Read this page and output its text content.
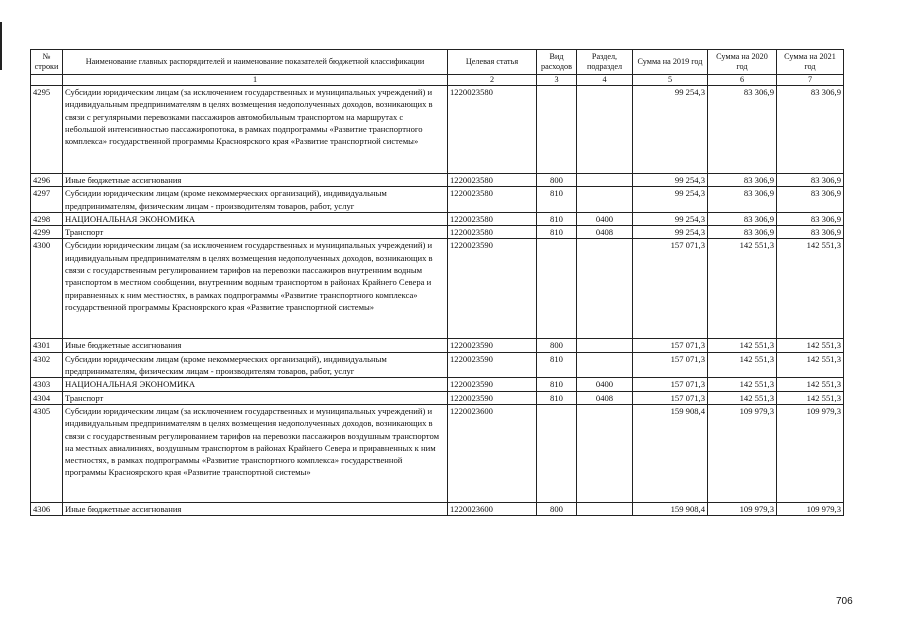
№ строки	Наименование главных распорядителей и наименование показателей бюджетной классификации	Целевая статья	Вид расходов	Раздел, подраздел	Сумма на 2019 год	Сумма на 2020 год	Сумма на 2021 год
	1	2	3	4	5	6	7
4295	Субсидии юридическим лицам (за исключением государственных и муниципальных учреждений) и индивидуальным предпринимателям в целях возмещения недополученных доходов, возникающих в связи с регулярными перевозками пассажиров автомобильным транспортом на маршрутах с небольшой интенсивностью пассажиропотока, в рамках подпрограммы «Развитие транспортного комплекса» государственной программы Красноярского края «Развитие транспортной системы»	1220023580			99 254,3	83 306,9	83 306,9
4296	Иные бюджетные ассигнования	1220023580	800		99 254,3	83 306,9	83 306,9
4297	Субсидии юридическим лицам (кроме некоммерческих организаций), индивидуальным предпринимателям, физическим лицам - производителям товаров, работ, услуг	1220023580	810		99 254,3	83 306,9	83 306,9
4298	НАЦИОНАЛЬНАЯ ЭКОНОМИКА	1220023580	810	0400	99 254,3	83 306,9	83 306,9
4299	Транспорт	1220023580	810	0408	99 254,3	83 306,9	83 306,9
4300	Субсидии юридическим лицам (за исключением государственных и муниципальных учреждений) и индивидуальным предпринимателям в целях возмещения недополученных доходов, возникающих в связи с государственным регулированием тарифов на перевозки пассажиров внутренним водным транспортом в местном сообщении, внутренним водным транспортом в районах Крайнего Севера и приравненных к ним местностях, в рамках подпрограммы «Развитие транспортного комплекса» государственной программы Красноярского края «Развитие транспортной системы»	1220023590			157 071,3	142 551,3	142 551,3
4301	Иные бюджетные ассигнования	1220023590	800		157 071,3	142 551,3	142 551,3
4302	Субсидии юридическим лицам (кроме некоммерческих организаций), индивидуальным предпринимателям, физическим лицам - производителям товаров, работ, услуг	1220023590	810		157 071,3	142 551,3	142 551,3
4303	НАЦИОНАЛЬНАЯ ЭКОНОМИКА	1220023590	810	0400	157 071,3	142 551,3	142 551,3
4304	Транспорт	1220023590	810	0408	157 071,3	142 551,3	142 551,3
4305	Субсидии юридическим лицам (за исключением государственных и муниципальных учреждений) и индивидуальным предпринимателям в целях возмещения недополученных доходов, возникающих в связи с государственным регулированием тарифов на перевозки пассажиров воздушным транспортом на местных авиалиниях, воздушным транспортом в районах Крайнего Севера и приравненных к ним местностях, в рамках подпрограммы «Развитие транспортного комплекса» государственной программы Красноярского края «Развитие транспортной системы»	1220023600			159 908,4	109 979,3	109 979,3
4306	Иные бюджетные ассигнования	1220023600	800		159 908,4	109 979,3	109 979,3
706
